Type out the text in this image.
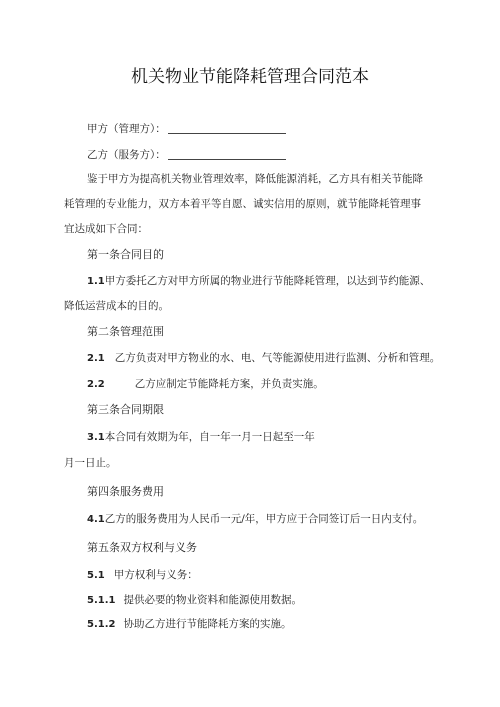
机关物业节能降耗管理合同范本
甲方（管理方）：
乙方（服务方）：
鉴于甲方为提高机关物业管理效率，降低能源消耗，乙方具有相关节能降
耗管理的专业能力，双方本着平等自愿、诚实信用的原则，就节能降耗管理事
宜达成如下合同：
第一条合同目的
1.1甲方委托乙方对甲方所属的物业进行节能降耗管理，以达到节约能源、
降低运营成本的目的。
第二条管理范围
2.1 乙方负责对甲方物业的水、电、气等能源使用进行监测、分析和管理。
2.2	乙方应制定节能降耗方案，并负责实施。
第三条合同期限
3.1本合同有效期为年，自一年一月一日起至一年
月一日止。
第四条服务费用
4.1乙方的服务费用为人民币一元/年，甲方应于合同签订后一日内支付。
第五条双方权利与义务
5.1 甲方权利与义务：
5.1.1 提供必要的物业资料和能源使用数据。
5.1.2 协助乙方进行节能降耗方案的实施。
